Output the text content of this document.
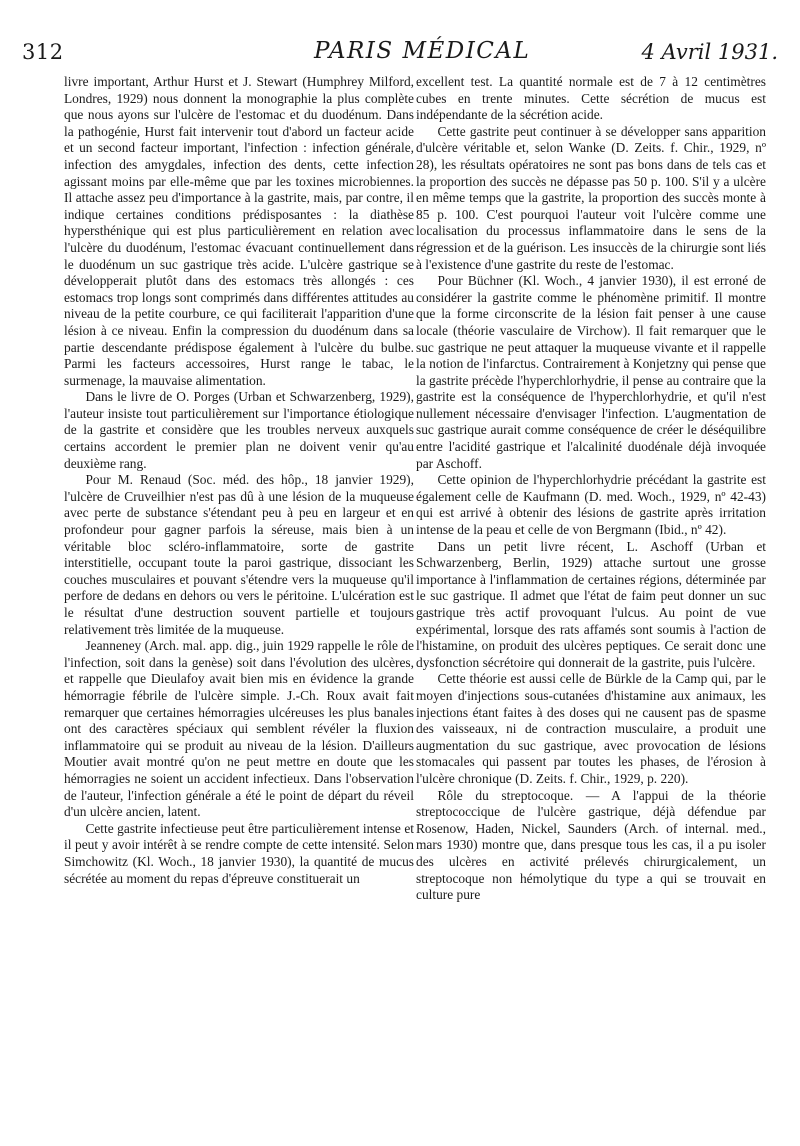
312	PARIS MÉDICAL	4 Avril 1931.

livre important, Arthur Hurst et J. Stewart (Humphrey Milford, Londres, 1929) nous donnent la monographie la plus complète que nous ayons sur l'ulcère de l'estomac et du duodénum. Dans la pathogénie, Hurst fait intervenir tout d'abord un facteur acide et un second facteur important, l'infection : infection générale, infection des amygdales, infection des dents, cette infection agissant moins par elle-même que par les toxines microbiennes. Il attache assez peu d'importance à la gastrite, mais, par contre, il indique certaines conditions prédisposantes : la diathèse hypersthénique qui est plus particulièrement en relation avec l'ulcère du duodénum, l'estomac évacuant continuellement dans le duodénum un suc gastrique très acide. L'ulcère gastrique se développerait plutôt dans des estomacs très allongés : ces estomacs trop longs sont comprimés dans différentes attitudes au niveau de la petite courbure, ce qui faciliterait l'apparition d'une lésion à ce niveau. Enfin la compression du duodénum dans sa partie descendante prédispose également à l'ulcère du bulbe. Parmi les facteurs accessoires, Hurst range le tabac, le surmenage, la mauvaise alimentation.

Dans le livre de O. Porges (Urban et Schwarzenberg, 1929), l'auteur insiste tout particulièrement sur l'importance étiologique de la gastrite et considère que les troubles nerveux auxquels certains accordent le premier plan ne doivent venir qu'au deuxième rang.

Pour M. Renaud (Soc. méd. des hôp., 18 janvier 1929), l'ulcère de Cruveilhier n'est pas dû à une lésion de la muqueuse avec perte de substance s'étendant peu à peu en largeur et en profondeur pour gagner parfois la séreuse, mais bien à un véritable bloc scléro-inflammatoire, sorte de gastrite interstitielle, occupant toute la paroi gastrique, dissociant les couches musculaires et pouvant s'étendre vers la muqueuse qu'il perfore de dedans en dehors ou vers le péritoine. L'ulcération est le résultat d'une destruction souvent partielle et toujours relativement très limitée de la muqueuse.

Jeanneney (Arch. mal. app. dig., juin 1929 rappelle le rôle de l'infection, soit dans la genèse) soit dans l'évolution des ulcères, et rappelle que Dieulafoy avait bien mis en évidence la grande hémorragie fébrile de l'ulcère simple. J.-Ch. Roux avait fait remarquer que certaines hémorragies ulcéreuses les plus banales ont des caractères spéciaux qui semblent révéler la fluxion inflammatoire qui se produit au niveau de la lésion. D'ailleurs Moutier avait montré qu'on ne peut mettre en doute que les hémorragies ne soient un accident infectieux. Dans l'observation de l'auteur, l'infection générale a été le point de départ du réveil d'un ulcère ancien, latent.

Cette gastrite infectieuse peut être particulièrement intense et il peut y avoir intérêt à se rendre compte de cette intensité. Selon Simchowitz (Kl. Woch., 18 janvier 1930), la quantité de mucus sécrétée au moment du repas d'épreuve constituerait un

excellent test. La quantité normale est de 7 à 12 centimètres cubes en trente minutes. Cette sécrétion de mucus est indépendante de la sécrétion acide.

Cette gastrite peut continuer à se développer sans apparition d'ulcère véritable et, selon Wanke (D. Zeits. f. Chir., 1929, nº 28), les résultats opératoires ne sont pas bons dans de tels cas et la proportion des succès ne dépasse pas 50 p. 100. S'il y a ulcère en même temps que la gastrite, la proportion des succès monte à 85 p. 100. C'est pourquoi l'auteur voit l'ulcère comme une localisation du processus inflammatoire dans le sens de la régression et de la guérison. Les insuccès de la chirurgie sont liés à l'existence d'une gastrite du reste de l'estomac.

Pour Büchner (Kl. Woch., 4 janvier 1930), il est erroné de considérer la gastrite comme le phénomène primitif. Il montre que la forme circonscrite de la lésion fait penser à une cause locale (théorie vasculaire de Virchow). Il fait remarquer que le suc gastrique ne peut attaquer la muqueuse vivante et il rappelle la notion de l'infarctus. Contrairement à Konjetzny qui pense que la gastrite précède l'hyperchlorhydrie, il pense au contraire que la gastrite est la conséquence de l'hyperchlorhydrie, et qu'il n'est nullement nécessaire d'envisager l'infection. L'augmentation de suc gastrique aurait comme conséquence de créer le déséquilibre entre l'acidité gastrique et l'alcalinité duodénale déjà invoquée par Aschoff.

Cette opinion de l'hyperchlorhydrie précédant la gastrite est également celle de Kaufmann (D. med. Woch., 1929, nº 42-43) qui est arrivé à obtenir des lésions de gastrite après irritation intense de la peau et celle de von Bergmann (Ibid., nº 42).

Dans un petit livre récent, L. Aschoff (Urban et Schwarzenberg, Berlin, 1929) attache surtout une grosse importance à l'inflammation de certaines régions, déterminée par le suc gastrique. Il admet que l'état de faim peut donner un suc gastrique très actif provoquant l'ulcus. Au point de vue expérimental, lorsque des rats affamés sont soumis à l'action de l'histamine, on produit des ulcères peptiques. Ce serait donc une dysfonction sécrétoire qui donnerait de la gastrite, puis l'ulcère.

Cette théorie est aussi celle de Bürkle de la Camp qui, par le moyen d'injections sous-cutanées d'histamine aux animaux, les injections étant faites à des doses qui ne causent pas de spasme des vaisseaux, ni de contraction musculaire, a produit une augmentation du suc gastrique, avec provocation de lésions stomacales qui passent par toutes les phases, de l'érosion à l'ulcère chronique (D. Zeits. f. Chir., 1929, p. 220).

Rôle du streptocoque. — A l'appui de la théorie streptococcique de l'ulcère gastrique, déjà défendue par Rosenow, Haden, Nickel, Saunders (Arch. of internal. med., mars 1930) montre que, dans presque tous les cas, il a pu isoler des ulcères en activité prélevés chirurgicalement, un streptocoque non hémolytique du type a qui se trouvait en culture pure
